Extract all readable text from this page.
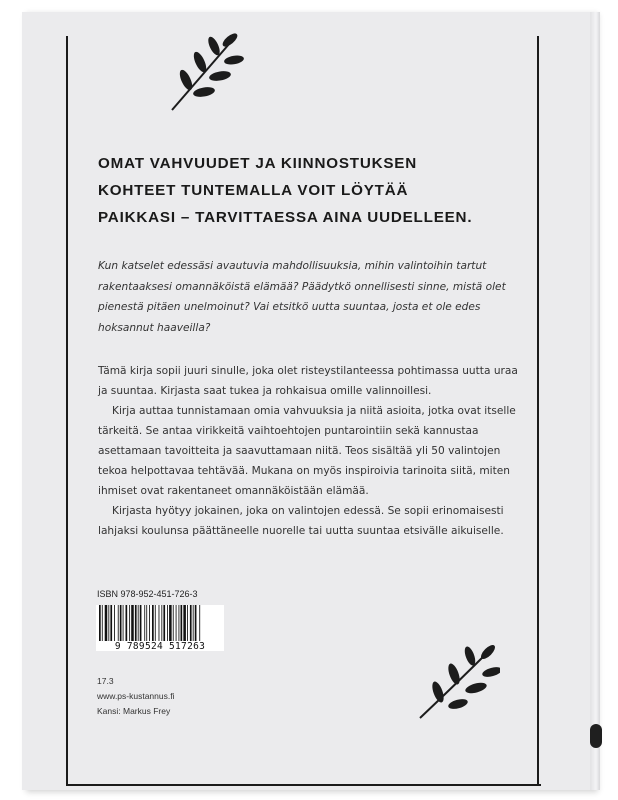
OMAT VAHVUUDET JA KIINNOSTUKSEN
KOHTEET TUNTEMALLA VOIT LÖYTÄÄ
PAIKKASI – TARVITTAESSA AINA UUDELLEEN.

Kun katselet edessäsi avautuvia mahdollisuuksia, mihin valintoihin tartut rakentaaksesi omannäköistä elämää? Päädytkö onnellisesti sinne, mistä olet pienestä pitäen unelmoinut? Vai etsitkö uutta suuntaa, josta et ole edes hoksannut haaveilla?

Tämä kirja sopii juuri sinulle, joka olet risteystilanteessa pohtimassa uutta uraa ja suuntaa. Kirjasta saat tukea ja rohkaisua omille valinnoillesi.

Kirja auttaa tunnistamaan omia vahvuuksia ja niitä asioita, jotka ovat itselle tärkeitä. Se antaa virikkeitä vaihtoehtojen puntarointiin sekä kannustaa asettamaan tavoitteita ja saavuttamaan niitä. Teos sisältää yli 50 valintojen tekoa helpottavaa tehtävää. Mukana on myös inspiroivia tarinoita siitä, miten ihmiset ovat rakentaneet omannäköistään elämää.

Kirjasta hyötyy jokainen, joka on valintojen edessä. Se sopii erinomaisesti lahjaksi koulunsa päättäneelle nuorelle tai uutta suuntaa etsivälle aikuiselle.

ISBN 978-952-451-726-3
9 789524 517263
17.3
www.ps-kustannus.fi
Kansi: Markus Frey
